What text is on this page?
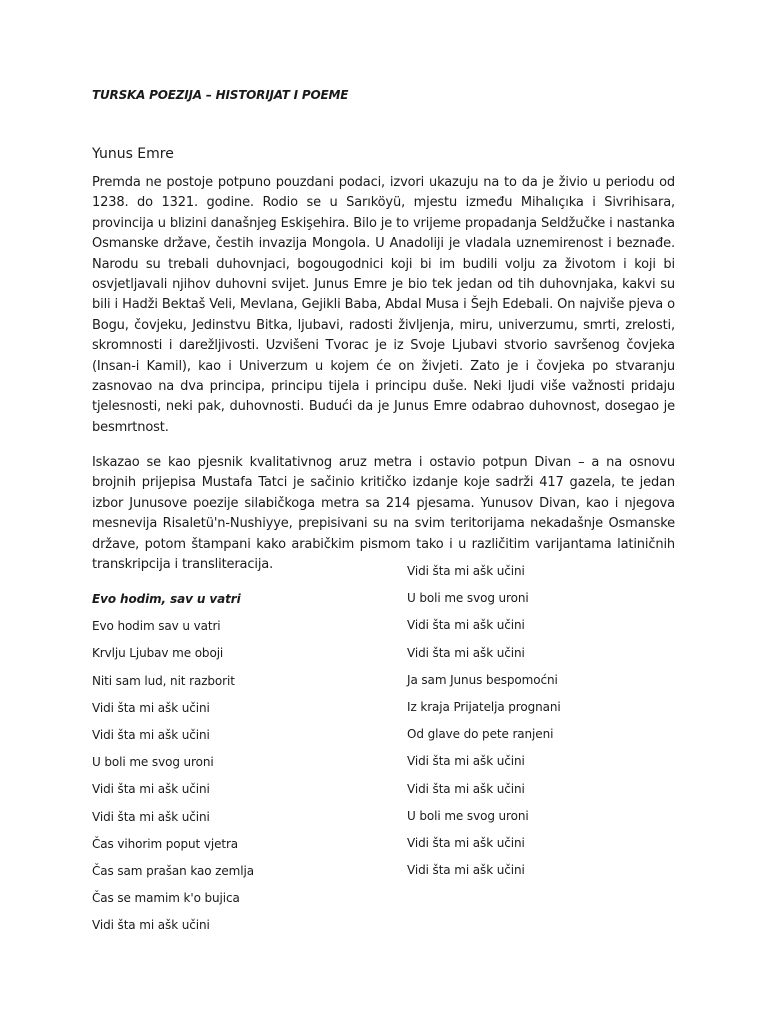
TURSKA POEZIJA – HISTORIJAT I POEME
Yunus Emre

Premda ne postoje potpuno pouzdani podaci, izvori ukazuju na to da je živio u periodu od 1238. do 1321. godine. Rodio se u Sarıköyü, mjestu između Mihalıçıka i Sivrihisara, provincija u blizini današnjeg Eskişehira. Bilo je to vrijeme propadanja Seldžučke i nastanka Osmanske države, čestih invazija Mongola. U Anadoliji je vladala uznemirenost i beznađe. Narodu su trebali duhovnjaci, bogougodnici koji bi im budili volju za životom i koji bi osvjetljavali njihov duhovni svijet. Junus Emre je bio tek jedan od tih duhovnjaka, kakvi su bili i Hadži Bektaš Veli, Mevlana, Gejikli Baba, Abdal Musa i Šejh Edebali. On najviše pjeva o Bogu, čovjeku, Jedinstvu Bitka, ljubavi, radosti življenja, miru, univerzumu, smrti, zrelosti, skromnosti i darežljivosti. Uzvišeni Tvorac je iz Svoje Ljubavi stvorio savršenog čovjeka (Insan-i Kamil), kao i Univerzum u kojem će on živjeti. Zato je i čovjeka po stvaranju zasnovao na dva principa, principu tijela i principu duše. Neki ljudi više važnosti pridaju tjelesnosti, neki pak, duhovnosti. Budući da je Junus Emre odabrao duhovnost, dosegao je besmrtnost.

Iskazao se kao pjesnik kvalitativnog aruz metra i ostavio potpun Divan – a na osnovu brojnih prijepisa Mustafa Tatci je sačinio kritičko izdanje koje sadrži 417 gazela, te jedan izbor Junusove poezije silabičkoga metra sa 214 pjesama. Yunusov Divan, kao i njegova mesnevija Risaletü'n-Nushiyye, prepisivani su na svim teritorijama nekadašnje Osmanske države, potom štampani kako arabičkim pismom tako i u različitim varijantama latiničnih transkripcija i transliteracija.

Evo hodim, sav u vatri
Evo hodim sav u vatri
Krvlju Ljubav me oboji
Niti sam lud, nit razborit
Vidi šta mi ašk učini
Vidi šta mi ašk učini
U boli me svog uroni
Vidi šta mi ašk učini
Vidi šta mi ašk učini
Čas vihorim poput vjetra
Čas sam prašan kao zemlja
Čas se mamim k'o bujica
Vidi šta mi ašk učini
Vidi šta mi ašk učini
U boli me svog uroni
Vidi šta mi ašk učini
Vidi šta mi ašk učini
Ja sam Junus bespomoćni
Iz kraja Prijatelja prognani
Od glave do pete ranjeni
Vidi šta mi ašk učini
Vidi šta mi ašk učini
U boli me svog uroni
Vidi šta mi ašk učini
Vidi šta mi ašk učini
